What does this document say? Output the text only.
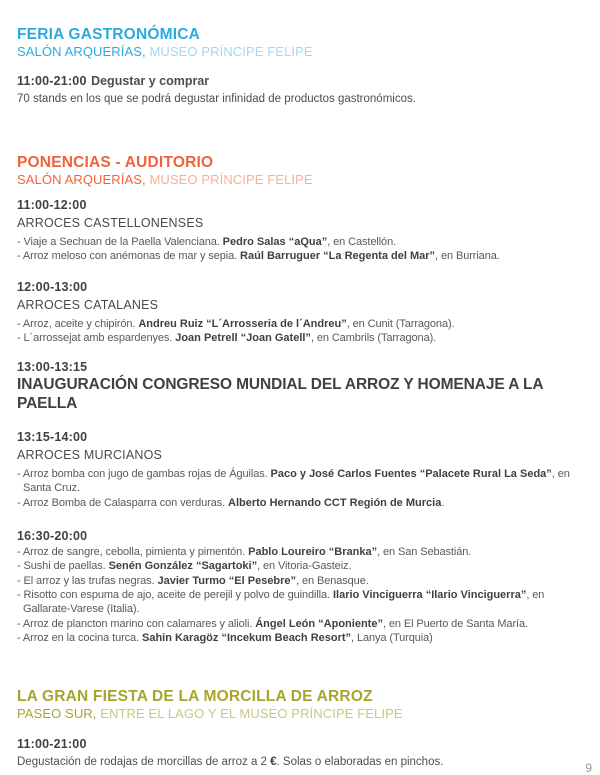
FERIA GASTRONÓMICA

SALÓN ARQUERÍAS, MUSEO PRÍNCIPE FELIPE

11:00-21:00 Degustar y comprar

70 stands en los que se podrá degustar infinidad de productos gastronómicos.

PONENCIAS - AUDITORIO

SALÓN ARQUERÍAS, MUSEO PRÍNCIPE FELIPE

11:00-12:00

ARROCES CASTELLONENSES

- Viaje a Sechuan de la Paella Valenciana. Pedro Salas “aQua”, en Castellón.

- Arroz meloso con anémonas de mar y sepia. Raúl Barruguer “La Regenta del Mar”, en Burriana.

12:00-13:00

ARROCES CATALANES

- Arroz, aceite y chipirón. Andreu Ruiz “L´Arrosseria de l´Andreu”, en Cunit (Tarragona).

- L´arrossejat amb espardenyes. Joan Petrell “Joan Gatell”, en Cambrils (Tarragona).

13:00-13:15

INAUGURACIÓN CONGRESO MUNDIAL DEL ARROZ Y HOMENAJE A LA PAELLA

13:15-14:00

ARROCES MURCIANOS

- Arroz bomba con jugo de gambas rojas de Águilas. Paco y José Carlos Fuentes “Palacete Rural La Seda”, en Santa Cruz.

- Arroz Bomba de Calasparra con verduras. Alberto Hernando CCT Región de Murcia.

16:30-20:00

- Arroz de sangre, cebolla, pimienta y pimentón. Pablo Loureiro “Branka”, en San Sebastián.

- Sushi de paellas. Senén González “Sagartoki”, en Vitoria-Gasteiz.

- El arroz y las trufas negras. Javier Turmo “El Pesebre”, en Benasque.

- Risotto con espuma de ajo, aceite de perejil y polvo de guindilla. Ilario Vinciguerra “Ilario Vinciguerra”, en Gallarate-Varese (Italia).

- Arroz de plancton marino con calamares y alioli. Ángel León “Aponiente”, en El Puerto de Santa María.

- Arroz en la cocina turca. Sahin Karagöz “Incekum Beach Resort”, Lanya (Turquia)

LA GRAN FIESTA DE LA MORCILLA DE ARROZ

PASEO SUR, ENTRE EL LAGO Y EL MUSEO PRÍNCIPE FELIPE

11:00-21:00

Degustación de rodajas de morcillas de arroz a 2 €. Solas o elaboradas en pinchos.	9
